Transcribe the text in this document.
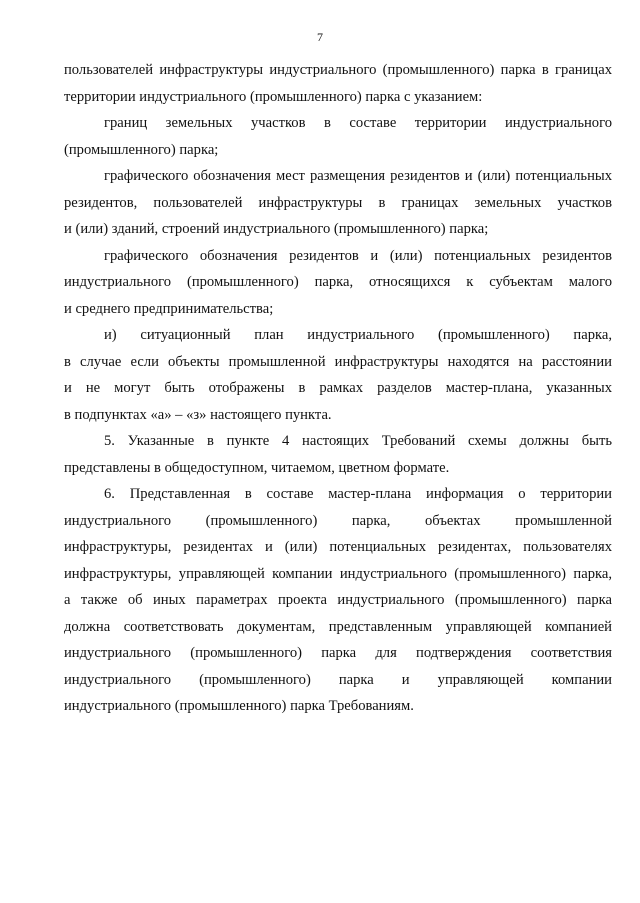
7
пользователей инфраструктуры индустриального (промышленного) парка в границах
территории индустриального (промышленного) парка с указанием:
границ земельных участков в составе территории индустриального
(промышленного) парка;
графического обозначения мест размещения резидентов и (или) потенциальных
резидентов, пользователей инфраструктуры в границах земельных участков
и (или) зданий, строений индустриального (промышленного) парка;
графического обозначения резидентов и (или) потенциальных резидентов
индустриального (промышленного) парка, относящихся к субъектам малого
и среднего предпринимательства;
и) ситуационный план индустриального (промышленного) парка,
в случае если объекты промышленной инфраструктуры находятся на расстоянии
и не могут быть отображены в рамках разделов мастер-плана, указанных
в подпунктах «а» – «з» настоящего пункта.
5. Указанные в пункте 4 настоящих Требований схемы должны быть
представлены в общедоступном, читаемом, цветном формате.
6. Представленная в составе мастер-плана информация о территории
индустриального (промышленного) парка, объектах промышленной
инфраструктуры, резидентах и (или) потенциальных резидентах, пользователях
инфраструктуры, управляющей компании индустриального (промышленного) парка,
а также об иных параметрах проекта индустриального (промышленного) парка
должна соответствовать документам, представленным управляющей компанией
индустриального (промышленного) парка для подтверждения соответствия
индустриального (промышленного) парка и управляющей компании
индустриального (промышленного) парка Требованиям.
